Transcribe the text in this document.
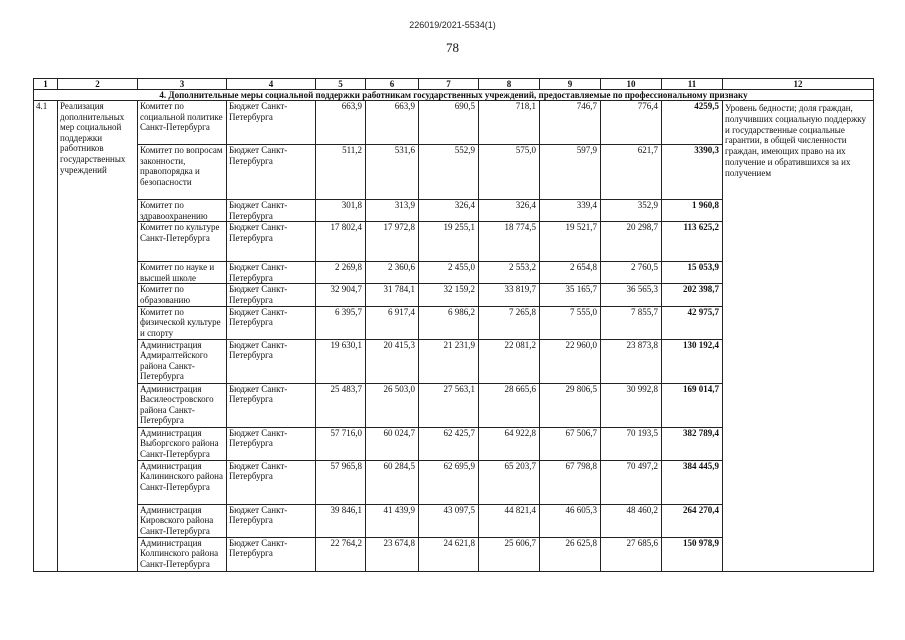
226019/2021-5534(1)
78
1	2	3	4	5	6	7	8	9	10	11	12
4. Дополнительные меры социальной поддержки работникам государственных учреждений, предоставляемые по профессиональному признаку											
4.1	Реализация дополнительных мер социальной поддержки работников государственных учреждений	Комитет по социальной политике Санкт-Петербурга	Бюджет Санкт-Петербурга	663,9	663,9	690,5	718,1	746,7	776,4	4259,5	Уровень бедности; доля граждан, получивших социальную поддержку и государственные социальные гарантии, в общей численности граждан, имеющих право на их получение и обратившихся за их получением
		Комитет по вопросам законности, правопорядка и безопасности	Бюджет Санкт-Петербурга	511,2	531,6	552,9	575,0	597,9	621,7	3390,3	
		Комитет по здравоохранению	Бюджет Санкт-Петербурга	301,8	313,9	326,4	326,4	339,4	352,9	1 960,8	
		Комитет по культуре Санкт-Петербурга	Бюджет Санкт-Петербурга	17 802,4	17 972,8	19 255,1	18 774,5	19 521,7	20 298,7	113 625,2	
		Комитет по науке и высшей школе	Бюджет Санкт-Петербурга	2 269,8	2 360,6	2 455,0	2 553,2	2 654,8	2 760,5	15 053,9	
		Комитет по образованию	Бюджет Санкт-Петербурга	32 904,7	31 784,1	32 159,2	33 819,7	35 165,7	36 565,3	202 398,7	
		Комитет по физической культуре и спорту	Бюджет Санкт-Петербурга	6 395,7	6 917,4	6 986,2	7 265,8	7 555,0	7 855,7	42 975,7	
		Администрация Адмиралтейского района Санкт-Петербурга	Бюджет Санкт-Петербурга	19 630,1	20 415,3	21 231,9	22 081,2	22 960,0	23 873,8	130 192,4	
		Администрация Василеостровского района Санкт-Петербурга	Бюджет Санкт-Петербурга	25 483,7	26 503,0	27 563,1	28 665,6	29 806,5	30 992,8	169 014,7	
		Администрация Выборгского района Санкт-Петербурга	Бюджет Санкт-Петербурга	57 716,0	60 024,7	62 425,7	64 922,8	67 506,7	70 193,5	382 789,4	
		Администрация Калининского района Санкт-Петербурга	Бюджет Санкт-Петербурга	57 965,8	60 284,5	62 695,9	65 203,7	67 798,8	70 497,2	384 445,9	
		Администрация Кировского района Санкт-Петербурга	Бюджет Санкт-Петербурга	39 846,1	41 439,9	43 097,5	44 821,4	46 605,3	48 460,2	264 270,4	
		Администрация Колпинского района Санкт-Петербурга	Бюджет Санкт-Петербурга	22 764,2	23 674,8	24 621,8	25 606,7	26 625,8	27 685,6	150 978,9	
